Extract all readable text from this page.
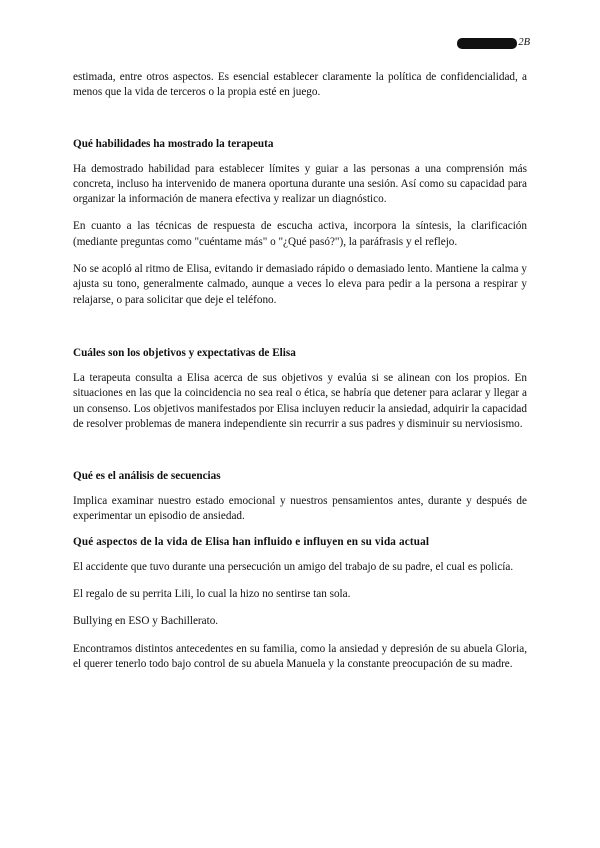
2B

estimada, entre otros aspectos. Es esencial establecer claramente la política de confidencialidad, a menos que la vida de terceros o la propia esté en juego.

Qué habilidades ha mostrado la terapeuta

Ha demostrado habilidad para establecer límites y guiar a las personas a una comprensión más concreta, incluso ha intervenido de manera oportuna durante una sesión. Así como su capacidad para organizar la información de manera efectiva y realizar un diagnóstico.

En cuanto a las técnicas de respuesta de escucha activa, incorpora la síntesis, la clarificación (mediante preguntas como "cuéntame más" o "¿Qué pasó?"), la paráfrasis y el reflejo.

No se acopló al ritmo de Elisa, evitando ir demasiado rápido o demasiado lento. Mantiene la calma y ajusta su tono, generalmente calmado, aunque a veces lo eleva para pedir a la persona a respirar y relajarse, o para solicitar que deje el teléfono.

Cuáles son los objetivos y expectativas de Elisa

La terapeuta consulta a Elisa acerca de sus objetivos y evalúa si se alinean con los propios. En situaciones en las que la coincidencia no sea real o ética, se habría que detener para aclarar y llegar a un consenso. Los objetivos manifestados por Elisa incluyen reducir la ansiedad, adquirir la capacidad de resolver problemas de manera independiente sin recurrir a sus padres y disminuir su nerviosismo.

Qué es el análisis de secuencias

Implica examinar nuestro estado emocional y nuestros pensamientos antes, durante y después de experimentar un episodio de ansiedad.

Qué aspectos de la vida de Elisa han influido e influyen en su vida actual

El accidente que tuvo durante una persecución un amigo del trabajo de su padre, el cual es policía.

El regalo de su perrita Lili, lo cual la hizo no sentirse tan sola.

Bullying en ESO y Bachillerato.

Encontramos distintos antecedentes en su familia, como la ansiedad y depresión de su abuela Gloria, el querer tenerlo todo bajo control de su abuela Manuela y la constante preocupación de su madre.
